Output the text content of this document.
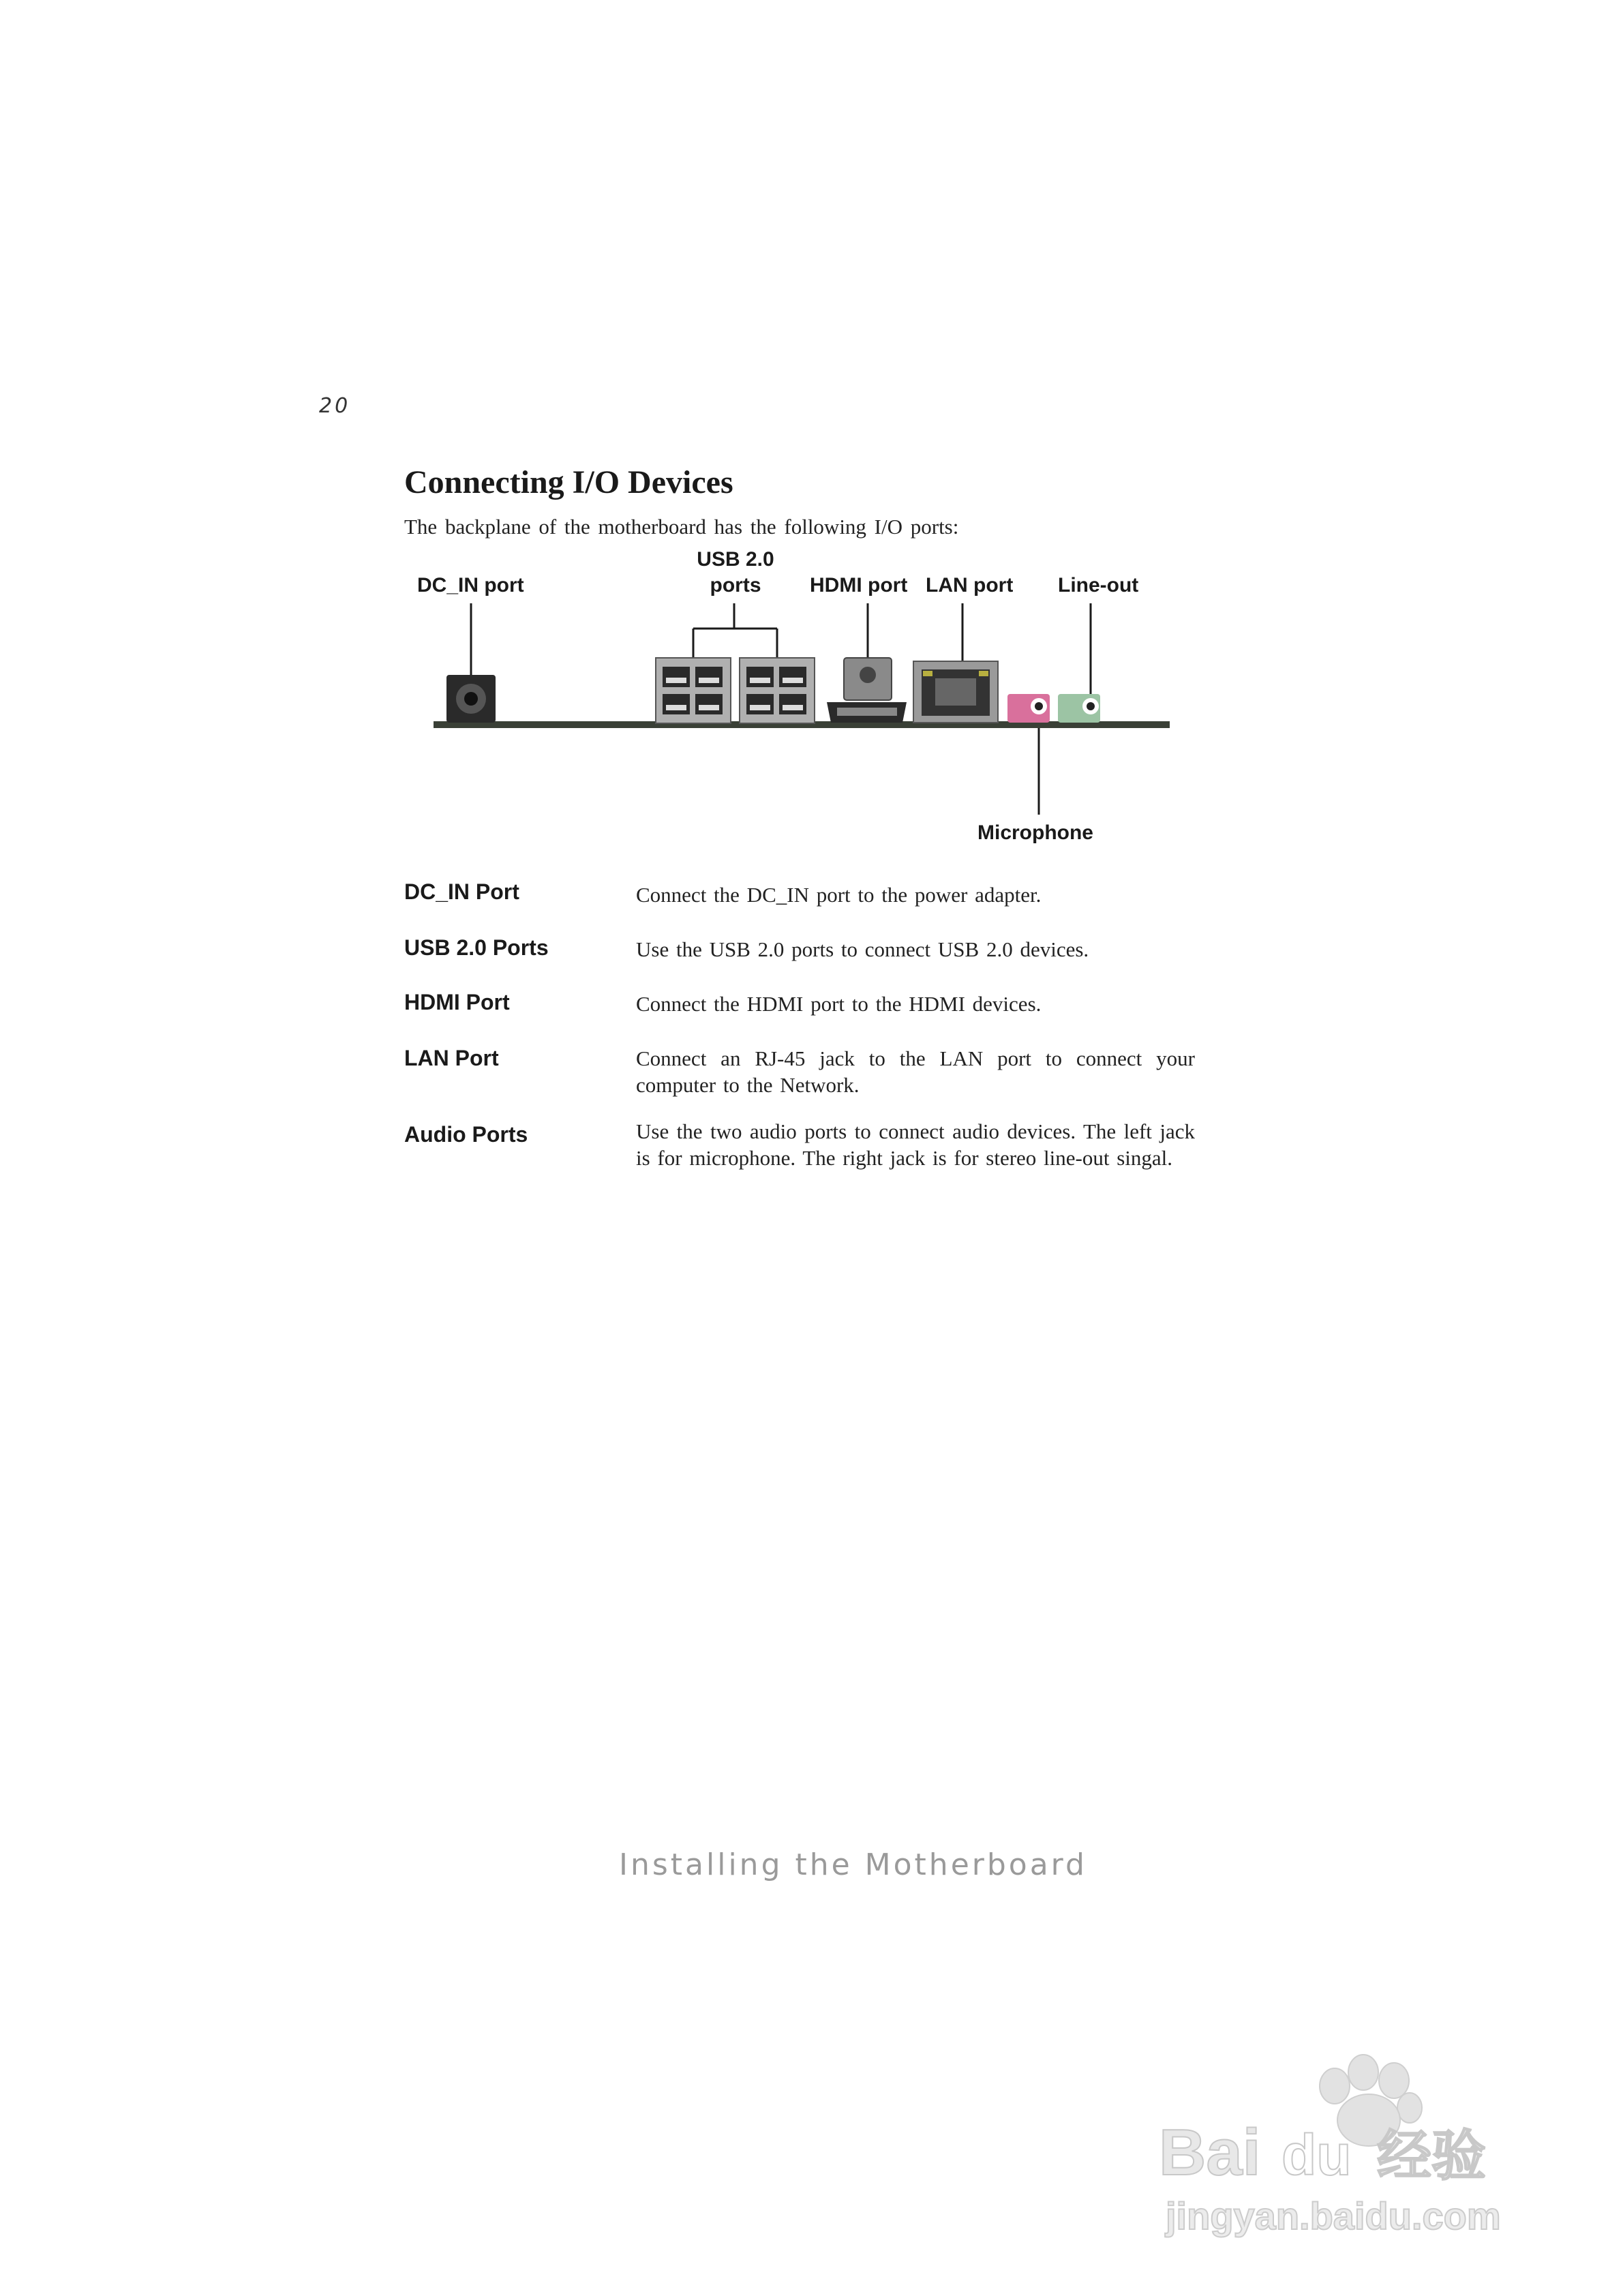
20
Connecting I/O Devices
The backplane of the motherboard has the following I/O ports:
DC_IN port
USB 2.0
ports	HDMI port LAN port Line-out
Microphone
DC_IN Port	Connect the DC_IN port to the power adapter.
USB 2.0 Ports	Use the USB 2.0 ports to connect USB 2.0 devices.
HDMI Port	Connect the HDMI port to the HDMI devices.
LAN Port	Connect an RJ-45 jack to the LAN port to connect your computer to the Network.
Audio Ports	Use the two audio ports to connect audio devices. The left jack is for microphone. The right jack is for stereo line-out singal.
Installing the Motherboard
Bai du 经验
jingyan.baidu.com
